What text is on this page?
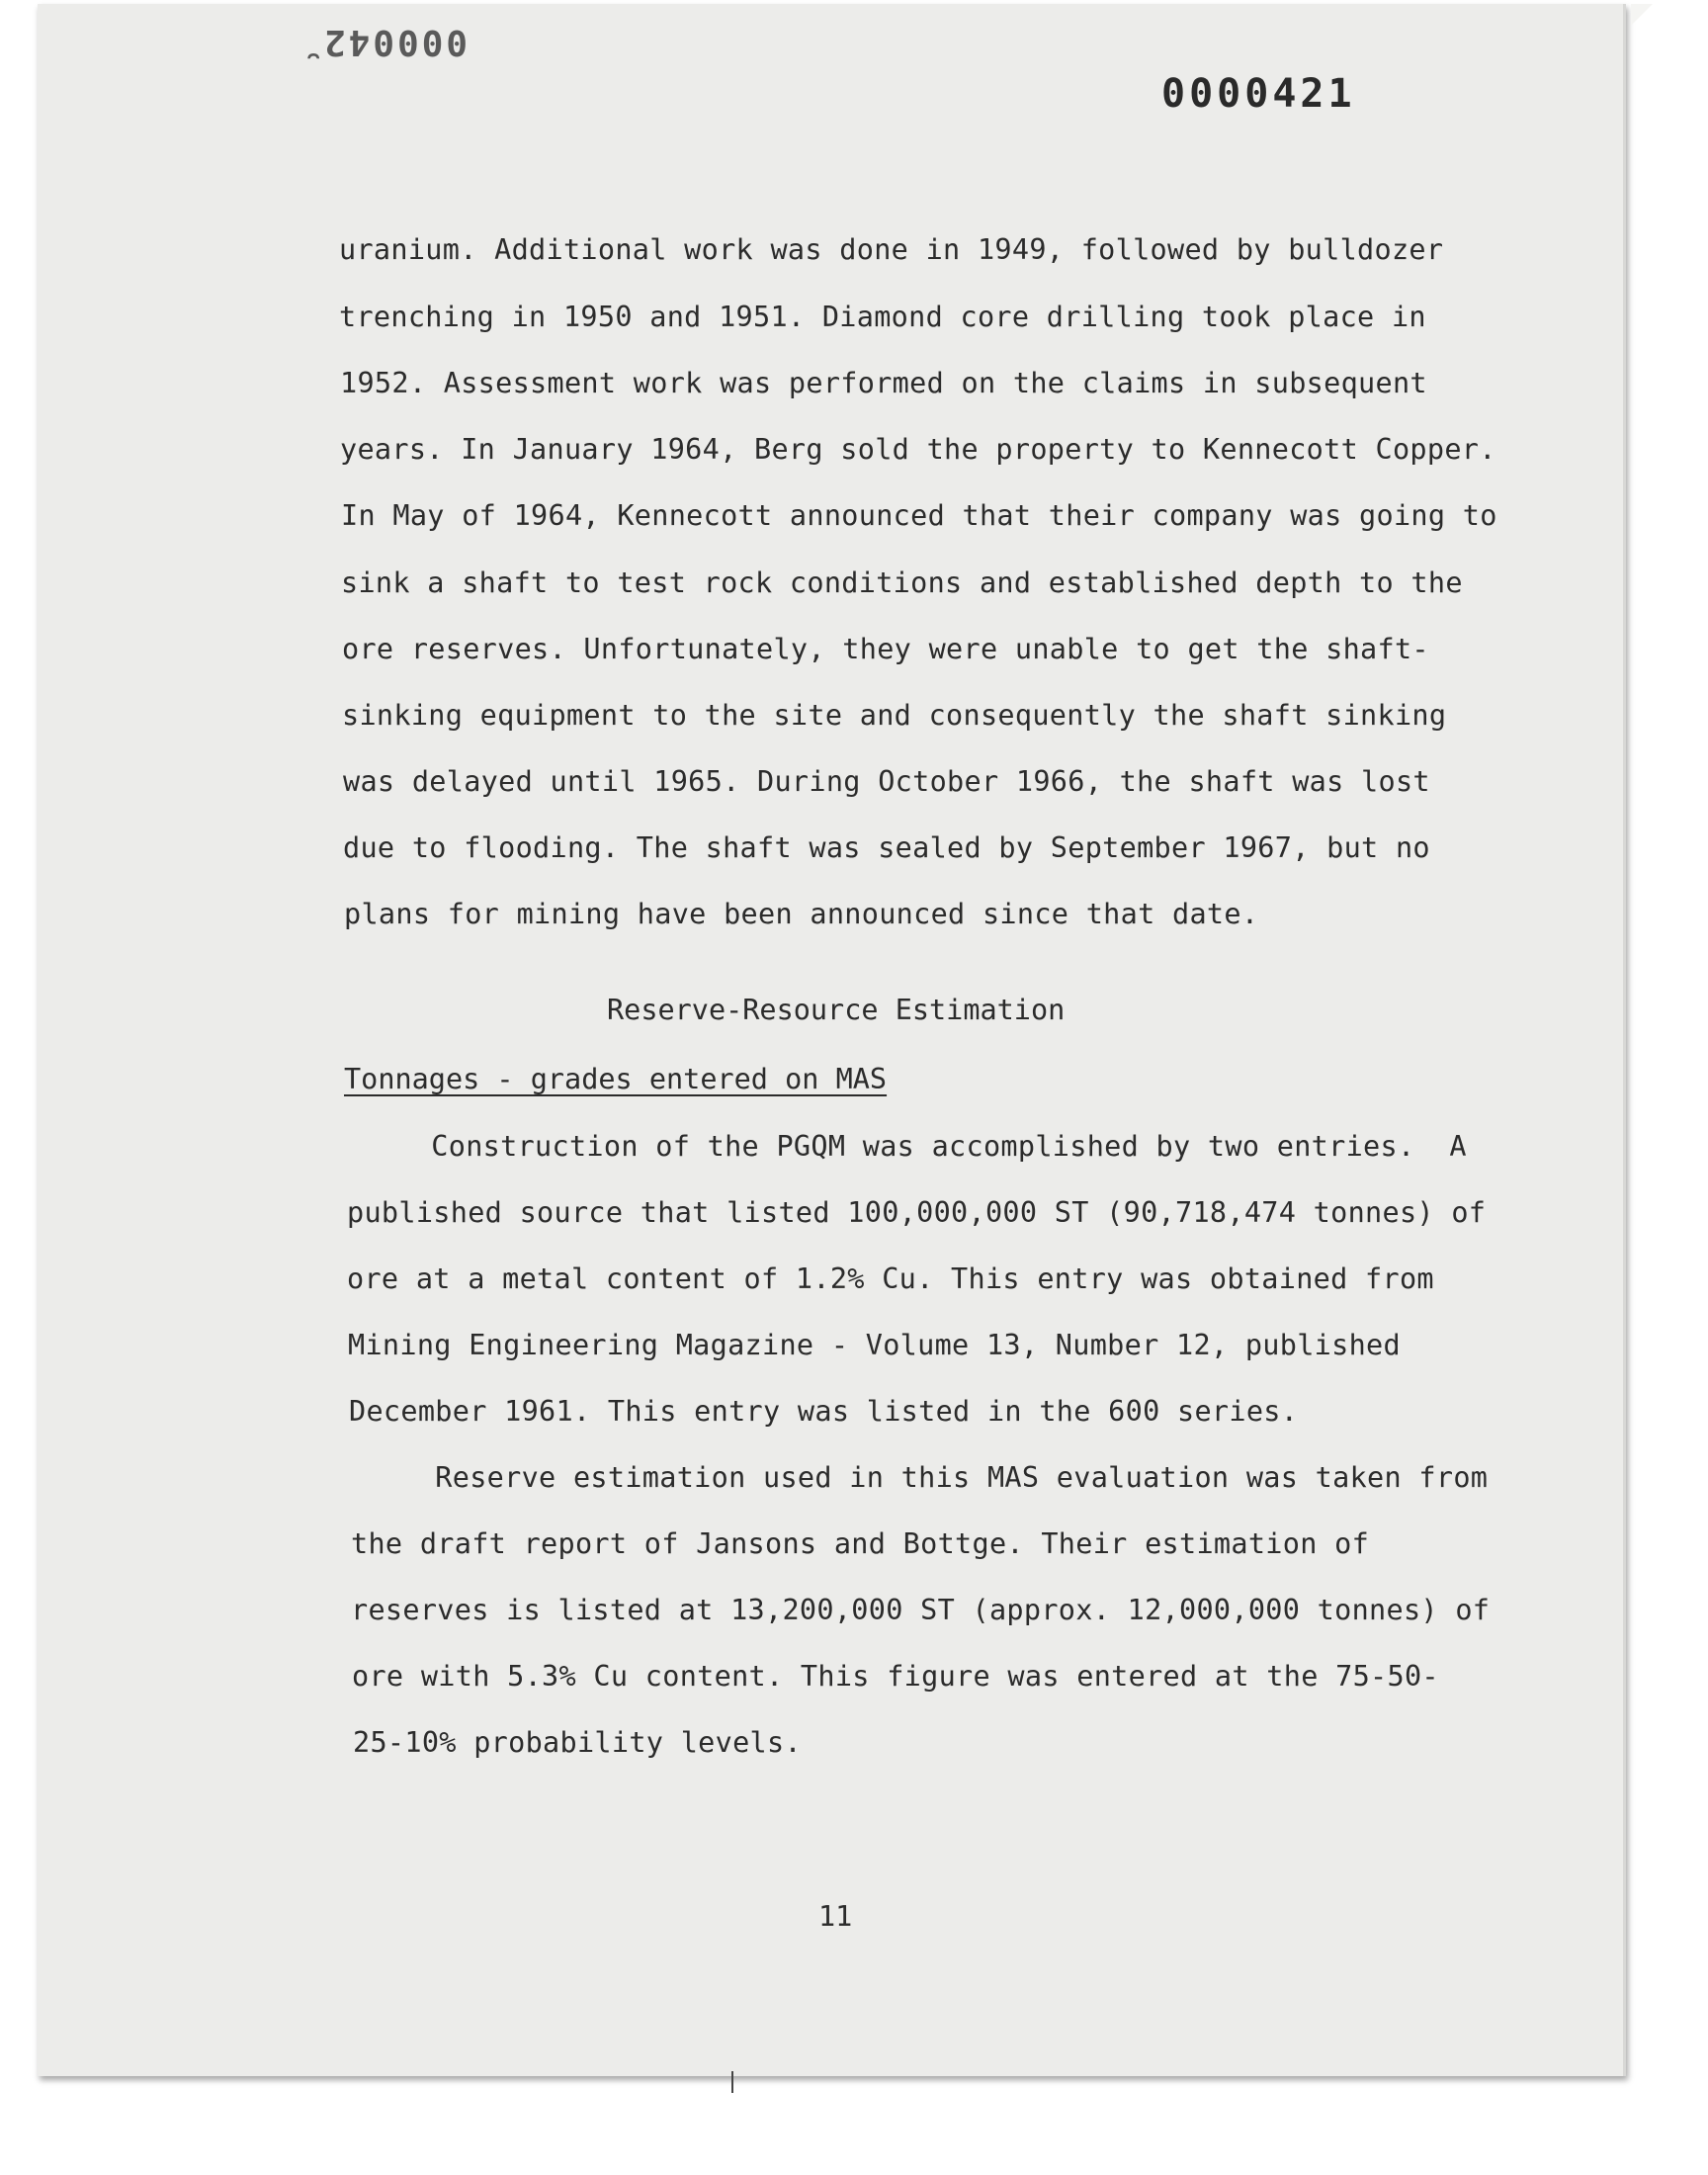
000042̆
0000421
uranium. Additional work was done in 1949, followed by bulldozer
trenching in 1950 and 1951. Diamond core drilling took place in
1952. Assessment work was performed on the claims in subsequent
years. In January 1964, Berg sold the property to Kennecott Copper.
In May of 1964, Kennecott announced that their company was going to
sink a shaft to test rock conditions and established depth to the
ore reserves. Unfortunately, they were unable to get the shaft-
sinking equipment to the site and consequently the shaft sinking
was delayed until 1965. During October 1966, the shaft was lost
due to flooding. The shaft was sealed by September 1967, but no
plans for mining have been announced since that date.
Reserve-Resource Estimation
Tonnages - grades entered on MAS
Construction of the PGQM was accomplished by two entries.  A
published source that listed 100,000,000 ST (90,718,474 tonnes) of
ore at a metal content of 1.2% Cu. This entry was obtained from
Mining Engineering Magazine - Volume 13, Number 12, published
December 1961. This entry was listed in the 600 series.
Reserve estimation used in this MAS evaluation was taken from
the draft report of Jansons and Bottge. Their estimation of
reserves is listed at 13,200,000 ST (approx. 12,000,000 tonnes) of
ore with 5.3% Cu content. This figure was entered at the 75-50-
25-10% probability levels.
11
